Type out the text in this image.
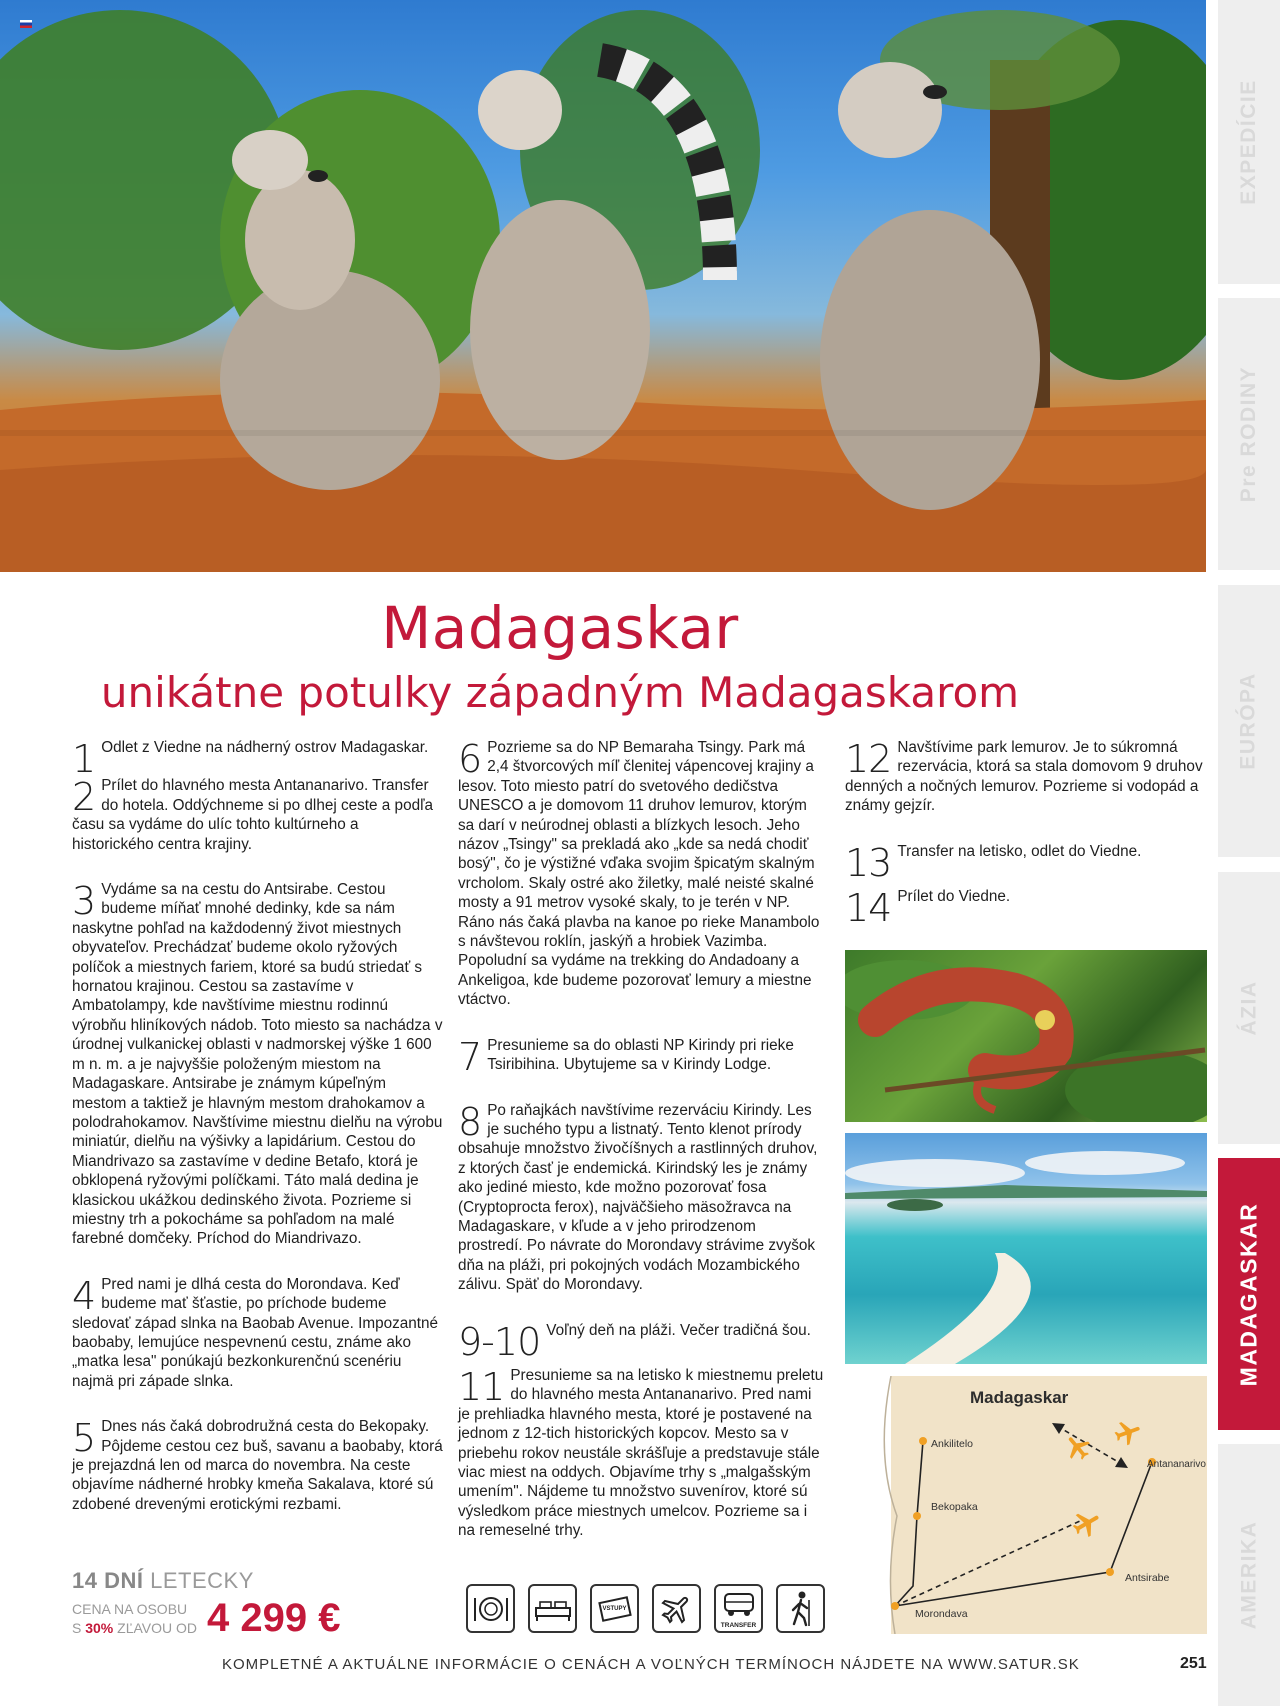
EXPEDÍCIE
Pre RODINY
EURÓPA
ÁZIA
MADAGASKAR
AMERIKA
Madagaskar
unikátne potulky západným Madagaskarom
1 Odlet z Viedne na nádherný ostrov Madagaskar.

2 Prílet do hlavného mesta Antananarivo. Transfer do hotela. Oddýchneme si po dlhej ceste a podľa času sa vydáme do ulíc tohto kultúrneho a historického centra krajiny.

3 Vydáme sa na cestu do Antsirabe. Cestou budeme míňať mnohé dedinky, kde sa nám naskytne pohľad na každodenný život miestnych obyvateľov. Prechádzať budeme okolo ryžových políčok a miestnych fariem, ktoré sa budú striedať s hornatou krajinou. Cestou sa zastavíme v Ambatolampy, kde navštívime miestnu rodinnú výrobňu hliníkových nádob. Toto miesto sa nachádza v úrodnej vulkanickej oblasti v nadmorskej výške 1 600 m n. m. a je najvyššie položeným miestom na Madagaskare. Antsirabe je známym kúpeľným mestom a taktiež je hlavným mestom drahokamov a polodrahokamov. Navštívime miestnu dielňu na výrobu miniatúr, dielňu na výšivky a lapidárium. Cestou do Miandrivazo sa zastavíme v dedine Betafo, ktorá je obklopená ryžovými políčkami. Táto malá dedina je klasickou ukážkou dedinského života. Pozrieme si miestny trh a pokocháme sa pohľadom na malé farebné domčeky. Príchod do Miandrivazo.

4 Pred nami je dlhá cesta do Morondava. Keď budeme mať šťastie, po príchode budeme sledovať západ slnka na Baobab Avenue. Impozantné baobaby, lemujúce nespevnenú cestu, známe ako „matka lesa" ponúkajú bezkonkurenčnú scenériu najmä pri západe slnka.

5 Dnes nás čaká dobrodružná cesta do Bekopaky. Pôjdeme cestou cez buš, savanu a baobaby, ktorá je prejazdná len od marca do novembra. Na ceste objavíme nádherné hrobky kmeňa Sakalava, ktoré sú zdobené drevenými erotickými rezbami.

6 Pozrieme sa do NP Bemaraha Tsingy. Park má 2,4 štvorcových míľ členitej vápencovej krajiny a lesov. Toto miesto patrí do svetového dedičstva UNESCO a je domovom 11 druhov lemurov, ktorým sa darí v neúrodnej oblasti a blízkych lesoch. Jeho názov „Tsingy" sa prekladá ako „kde sa nedá chodiť bosý", čo je výstižné vďaka svojim špicatým skalným vrcholom. Skaly ostré ako žiletky, malé neisté skalné mosty a 91 metrov vysoké skaly, to je terén v NP. Ráno nás čaká plavba na kanoe po rieke Manambolo s návštevou roklín, jaskýň a hrobiek Vazimba. Popoludní sa vydáme na trekking do Andadoany a Ankeligoa, kde budeme pozorovať lemury a miestne vtáctvo.

7 Presunieme sa do oblasti NP Kirindy pri rieke Tsiribihina. Ubytujeme sa v Kirindy Lodge.

8 Po raňajkách navštívime rezerváciu Kirindy. Les je suchého typu a listnatý. Tento klenot prírody obsahuje množstvo živočíšnych a rastlinných druhov, z ktorých časť je endemická. Kirindský les je známy ako jediné miesto, kde možno pozorovať fosa (Cryptoprocta ferox), najväčšieho mäsožravca na Madagaskare, v kľude a v jeho prirodzenom prostredí. Po návrate do Morondavy strávime zvyšok dňa na pláži, pri pokojných vodách Mozambického zálivu. Späť do Morondavy.

9-10 Voľný deň na pláži. Večer tradičná šou.

11 Presunieme sa na letisko k miestnemu preletu do hlavného mesta Antananarivo. Pred nami je prehliadka hlavného mesta, ktoré je postavené na jednom z 12-tich historických kopcov. Mesto sa v priebehu rokov neustále skrášľuje a predstavuje stále viac miest na oddych. Objavíme trhy s „malgašským umením". Nájdeme tu množstvo suvenírov, ktoré sú výsledkom práce miestnych umelcov. Pozrieme sa i na remeselné trhy.

12 Navštívime park lemurov. Je to súkromná rezervácia, ktorá sa stala domovom 9 druhov denných a nočných lemurov. Pozrieme si vodopád a známy gejzír.

13 Transfer na letisko, odlet do Viedne.

14 Prílet do Viedne.

Madagaskar
Ankilitelo
Antananarivo
Bekopaka
Antsirabe
Morondava
14 DNÍ LETECKY
CENA NA OSOBU
S 30% ZĽAVOU OD 4 299 €	VSTUPY
TRANSFER
KOMPLETNÉ A AKTUÁLNE INFORMÁCIE O CENÁCH A VOĽNÝCH TERMÍNOCH NÁJDETE NA WWW.SATUR.SK	251
